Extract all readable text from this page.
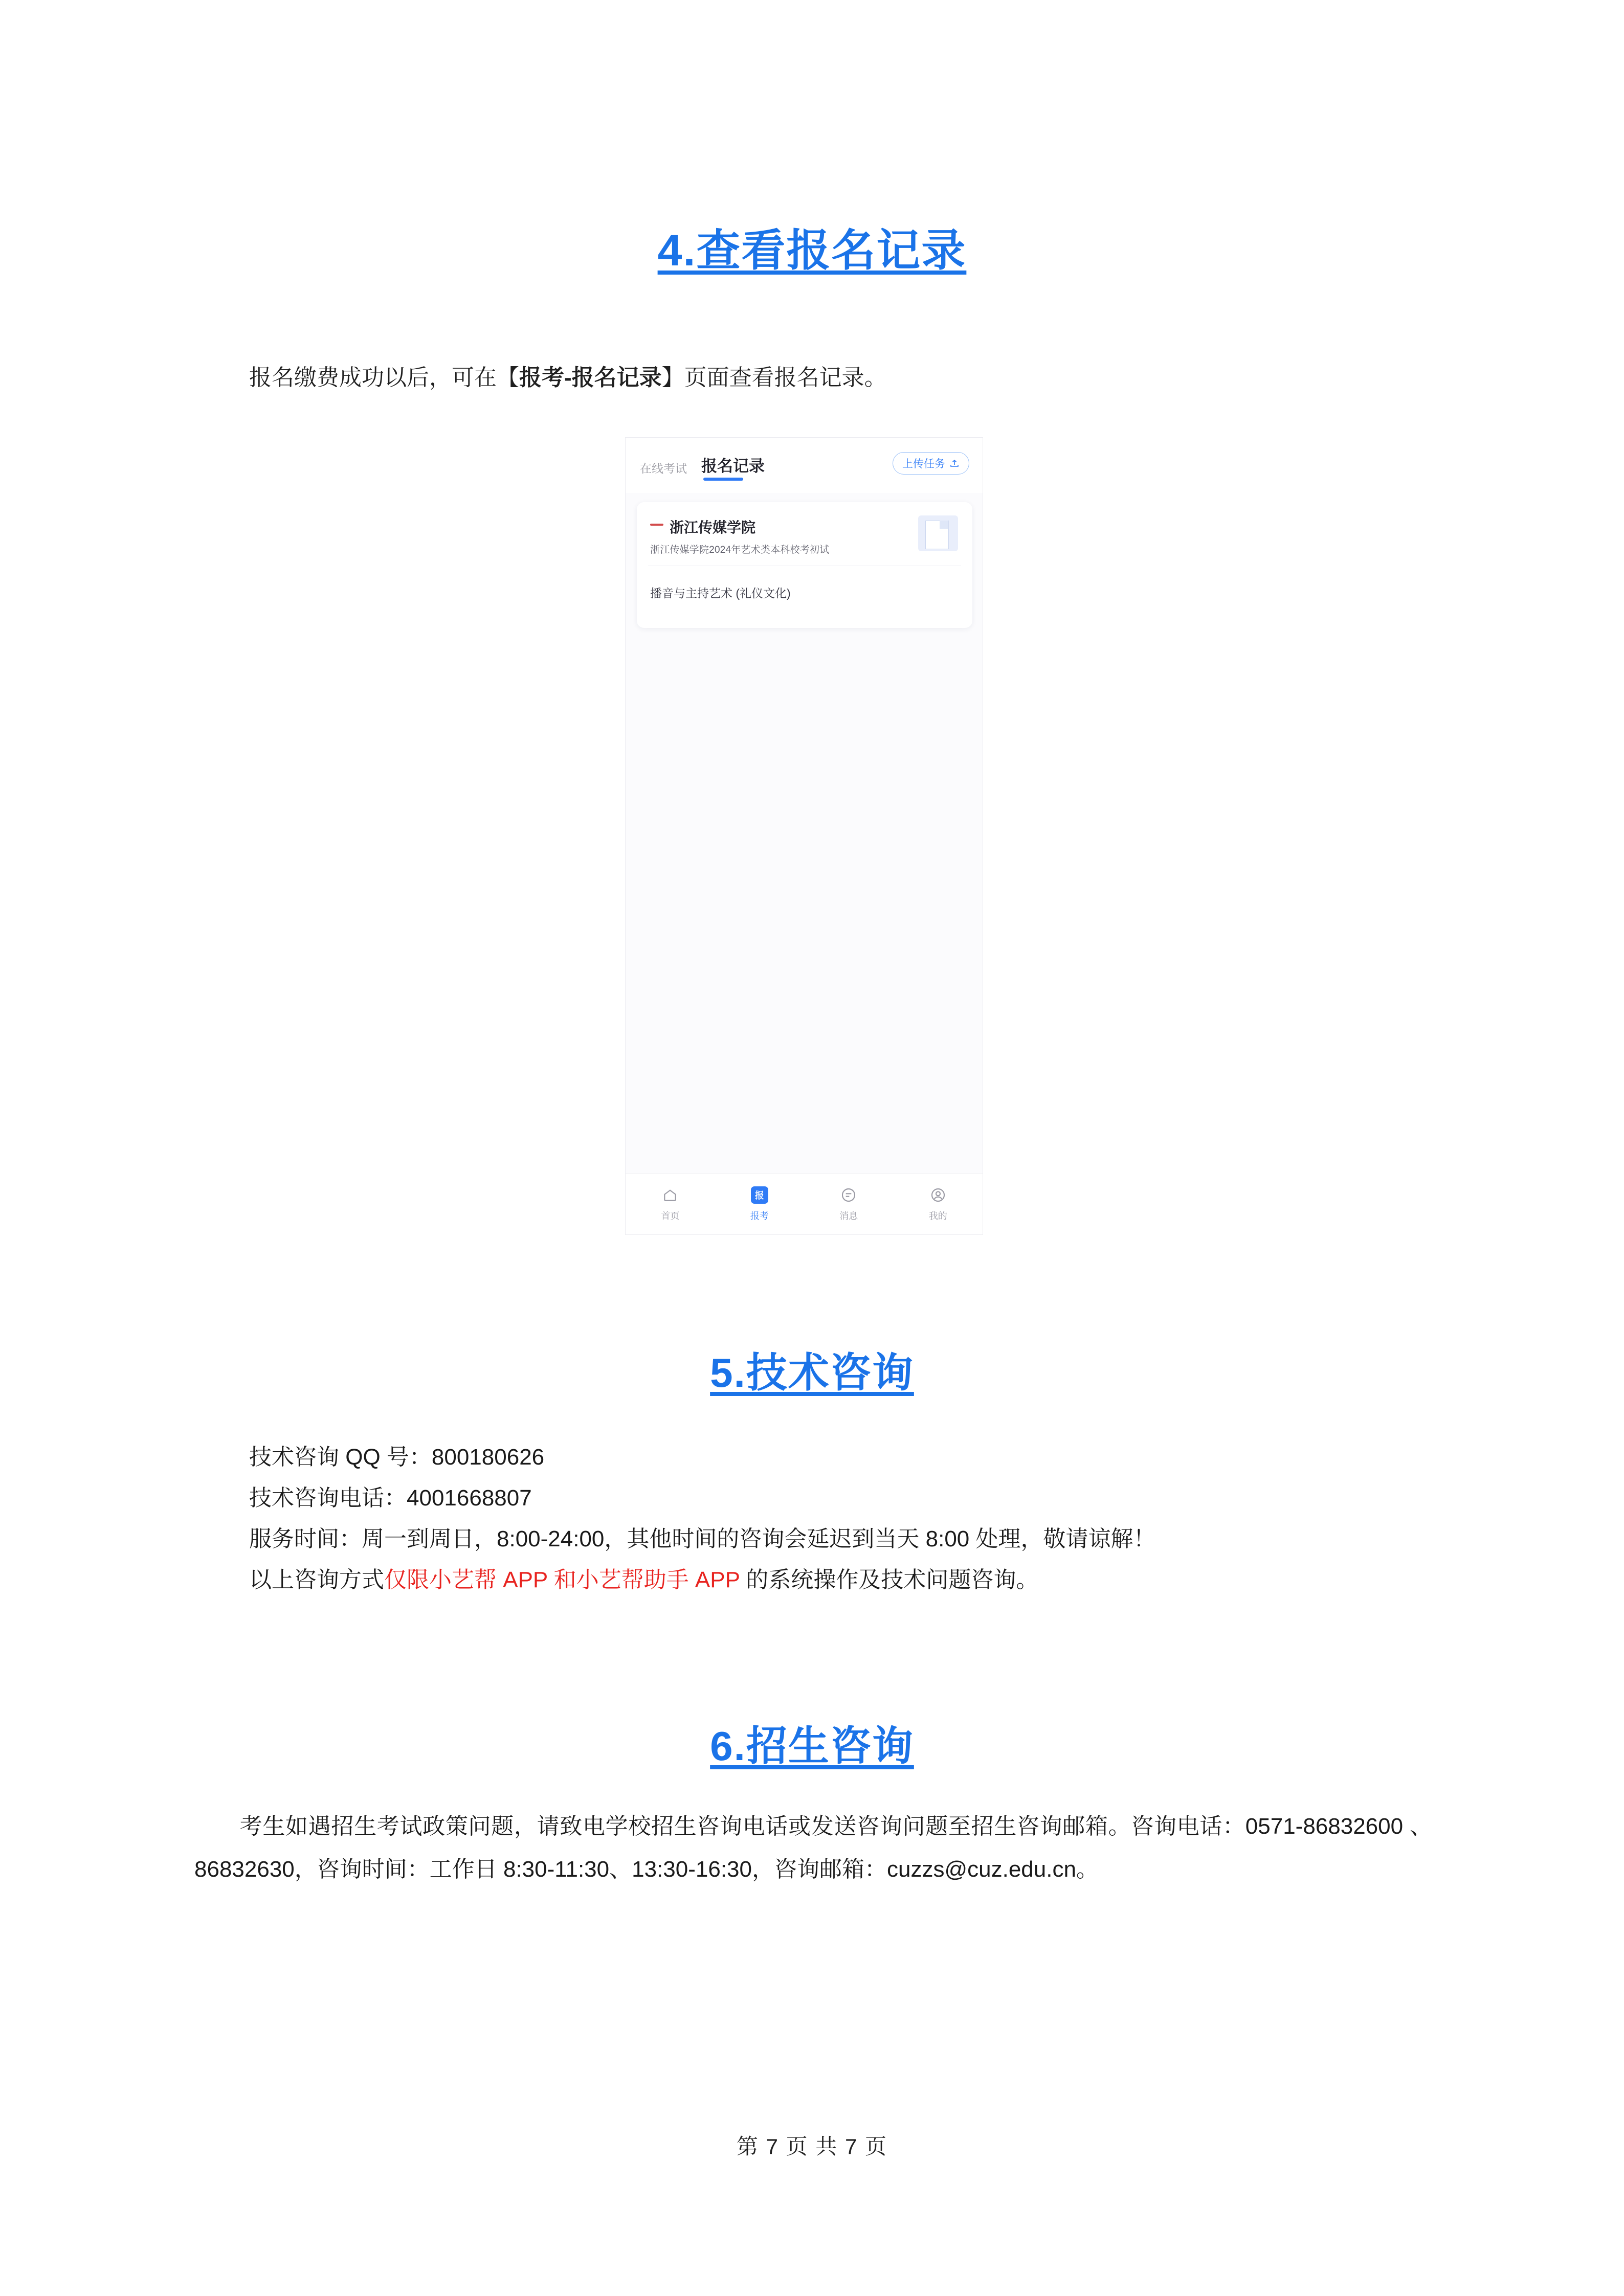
4.查看报名记录
报名缴费成功以后，可在【报考-报名记录】页面查看报名记录。
在线考试 报名记录	上传任务
浙江传媒学院
浙江传媒学院2024年艺术类本科校考初试
播音与主持艺术 (礼仪文化)
首页
报
报考	消息	我的
5.技术咨询
技术咨询 QQ 号：800180626
技术咨询电话：4001668807
服务时间：周一到周日，8:00-24:00，其他时间的咨询会延迟到当天 8:00 处理，敬请谅解！
以上咨询方式仅限小艺帮 APP 和小艺帮助手 APP 的系统操作及技术问题咨询。
6.招生咨询
考生如遇招生考试政策问题，请致电学校招生咨询电话或发送咨询问题至招生咨询邮箱。咨询电话：0571-86832600 、86832630，咨询时间：工作日 8:30-11:30、13:30-16:30，咨询邮箱：cuzzs@cuz.edu.cn。
第 7 页 共 7 页
